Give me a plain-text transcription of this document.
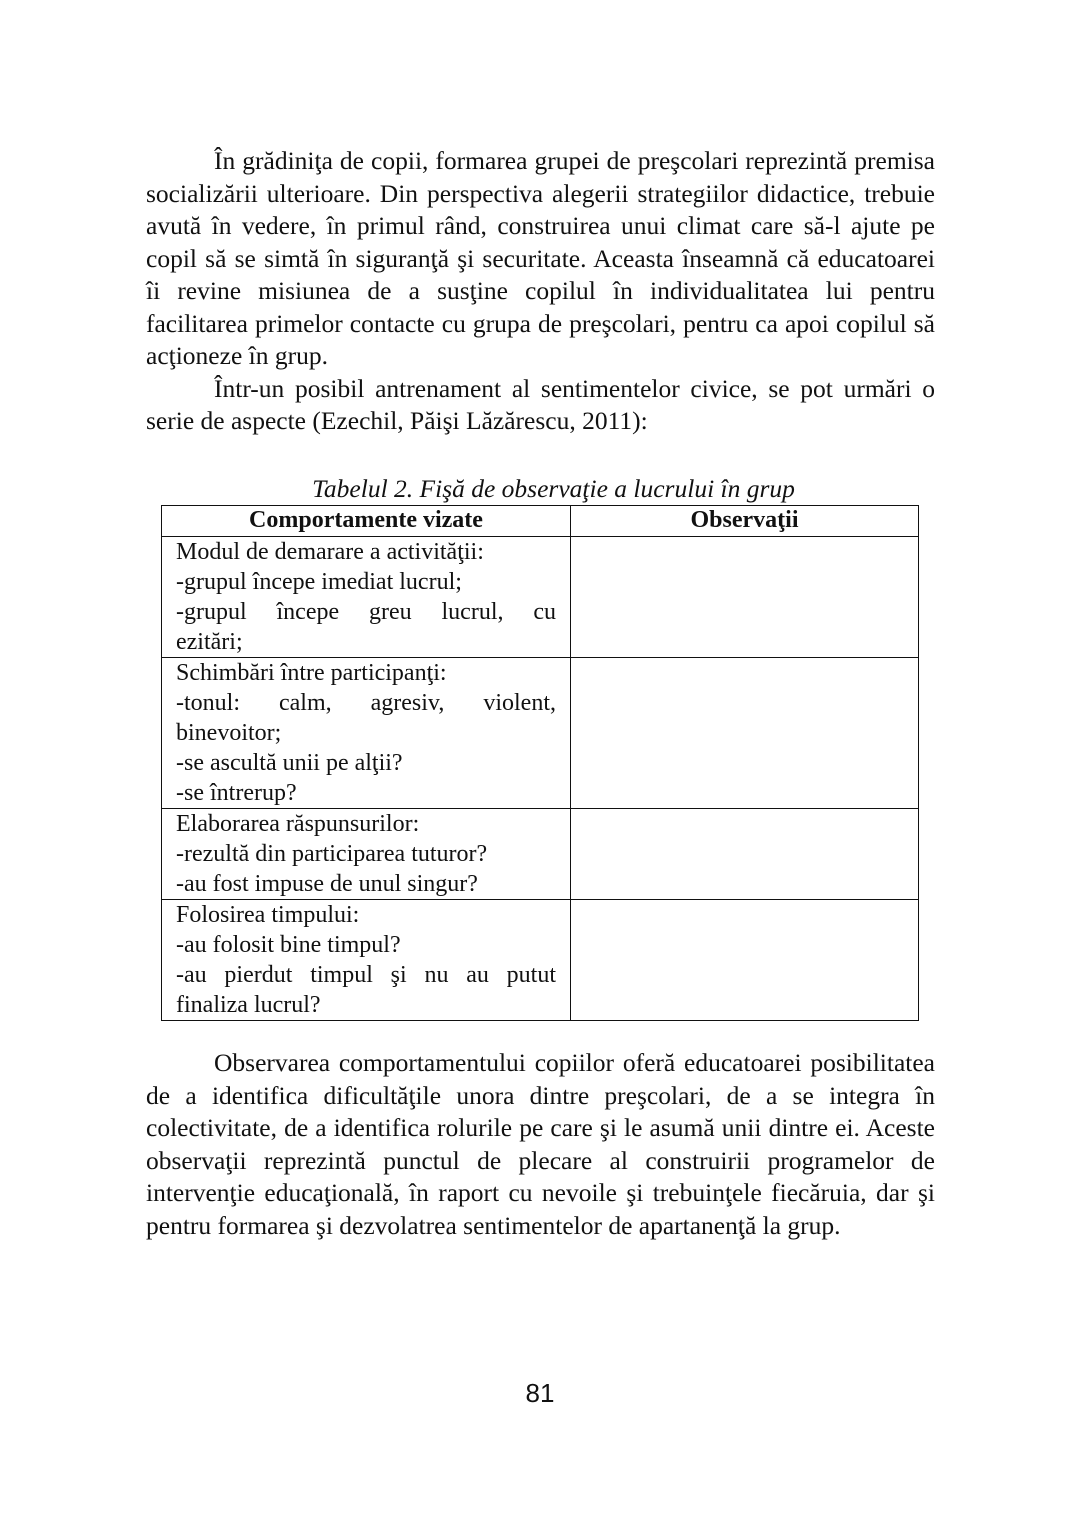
În grădiniţa de copii, formarea grupei de preşcolari reprezintă premisa socializării ulterioare. Din perspectiva alegerii strategiilor didactice, trebuie avută în vedere, în primul rând, construirea unui climat care să-l ajute pe copil să se simtă în siguranţă şi securitate. Aceasta înseamnă că educatoarei îi revine misiunea de a susţine copilul în individualitatea lui pentru facilitarea primelor contacte cu grupa de preşcolari, pentru ca apoi copilul să acţioneze în grup.

Într-un posibil antrenament al sentimentelor civice, se pot urmări o serie de aspecte (Ezechil, Păişi Lăzărescu, 2011):

Tabelul 2. Fişă de observaţie a lucrului în grup
Comportamente vizate	Observaţii

Modul de demarare a activităţii:
-grupul începe imediat lucrul;
-grupul începe greu lucrul, cu
ezitări;	

Schimbări între participanţi:
-tonul: calm, agresiv, violent,
binevoitor;
-se ascultă unii pe alţii?
-se întrerup?	

Elaborarea răspunsurilor:
-rezultă din participarea tuturor?
-au fost impuse de unul singur?	

Folosirea timpului:
-au folosit bine timpul?
-au pierdut timpul şi nu au putut
finaliza lucrul?	

Observarea comportamentului copiilor oferă educatoarei posibilitatea de a identifica dificultăţile unora dintre preşcolari, de a se integra în colectivitate, de a identifica rolurile pe care şi le asumă unii dintre ei. Aceste observaţii reprezintă punctul de plecare al construirii programelor de intervenţie educaţională, în raport cu nevoile şi trebuinţele fiecăruia, dar şi pentru formarea şi dezvolatrea sentimentelor de apartanenţă la grup.

81
